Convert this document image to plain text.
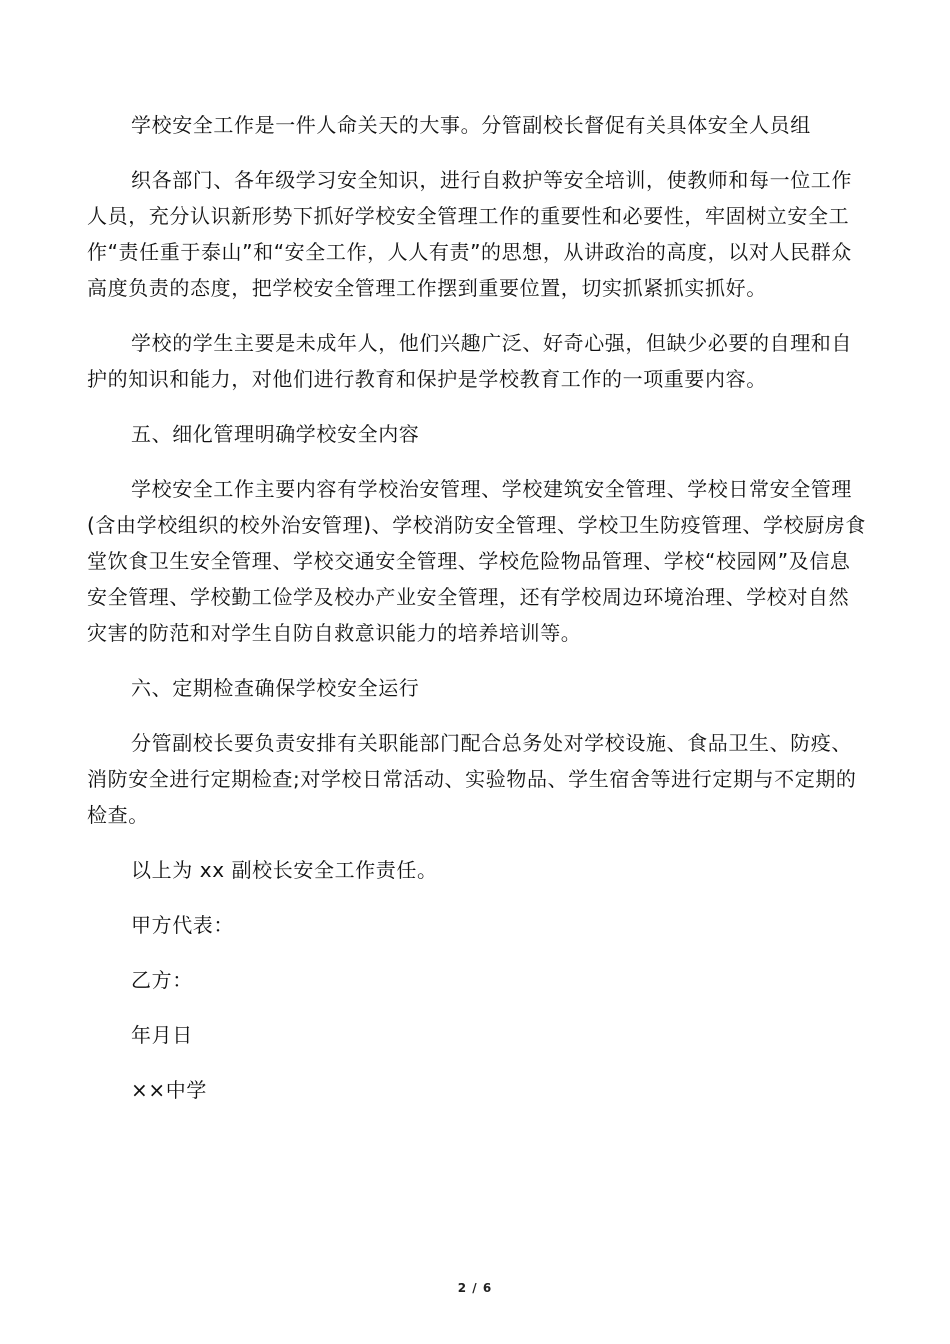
学校安全工作是一件人命关天的大事。分管副校长督促有关具体安全人员组

织各部门、各年级学习安全知识，进行自救护等安全培训，使教师和每一位工作人员，充分认识新形势下抓好学校安全管理工作的重要性和必要性，牢固树立安全工作“责任重于泰山”和“安全工作，人人有责”的思想，从讲政治的高度，以对人民群众高度负责的态度，把学校安全管理工作摆到重要位置，切实抓紧抓实抓好。

学校的学生主要是未成年人，他们兴趣广泛、好奇心强，但缺少必要的自理和自护的知识和能力，对他们进行教育和保护是学校教育工作的一项重要内容。

五、细化管理明确学校安全内容

学校安全工作主要内容有学校治安管理、学校建筑安全管理、学校日常安全管理(含由学校组织的校外治安管理)、学校消防安全管理、学校卫生防疫管理、学校厨房食堂饮食卫生安全管理、学校交通安全管理、学校危险物品管理、学校“校园网”及信息安全管理、学校勤工俭学及校办产业安全管理，还有学校周边环境治理、学校对自然灾害的防范和对学生自防自救意识能力的培养培训等。

六、定期检查确保学校安全运行

分管副校长要负责安排有关职能部门配合总务处对学校设施、食品卫生、防疫、消防安全进行定期检查;对学校日常活动、实验物品、学生宿舍等进行定期与不定期的检查。

以上为 xx 副校长安全工作责任。

甲方代表：

乙方：

年月日

××中学

2 / 6
